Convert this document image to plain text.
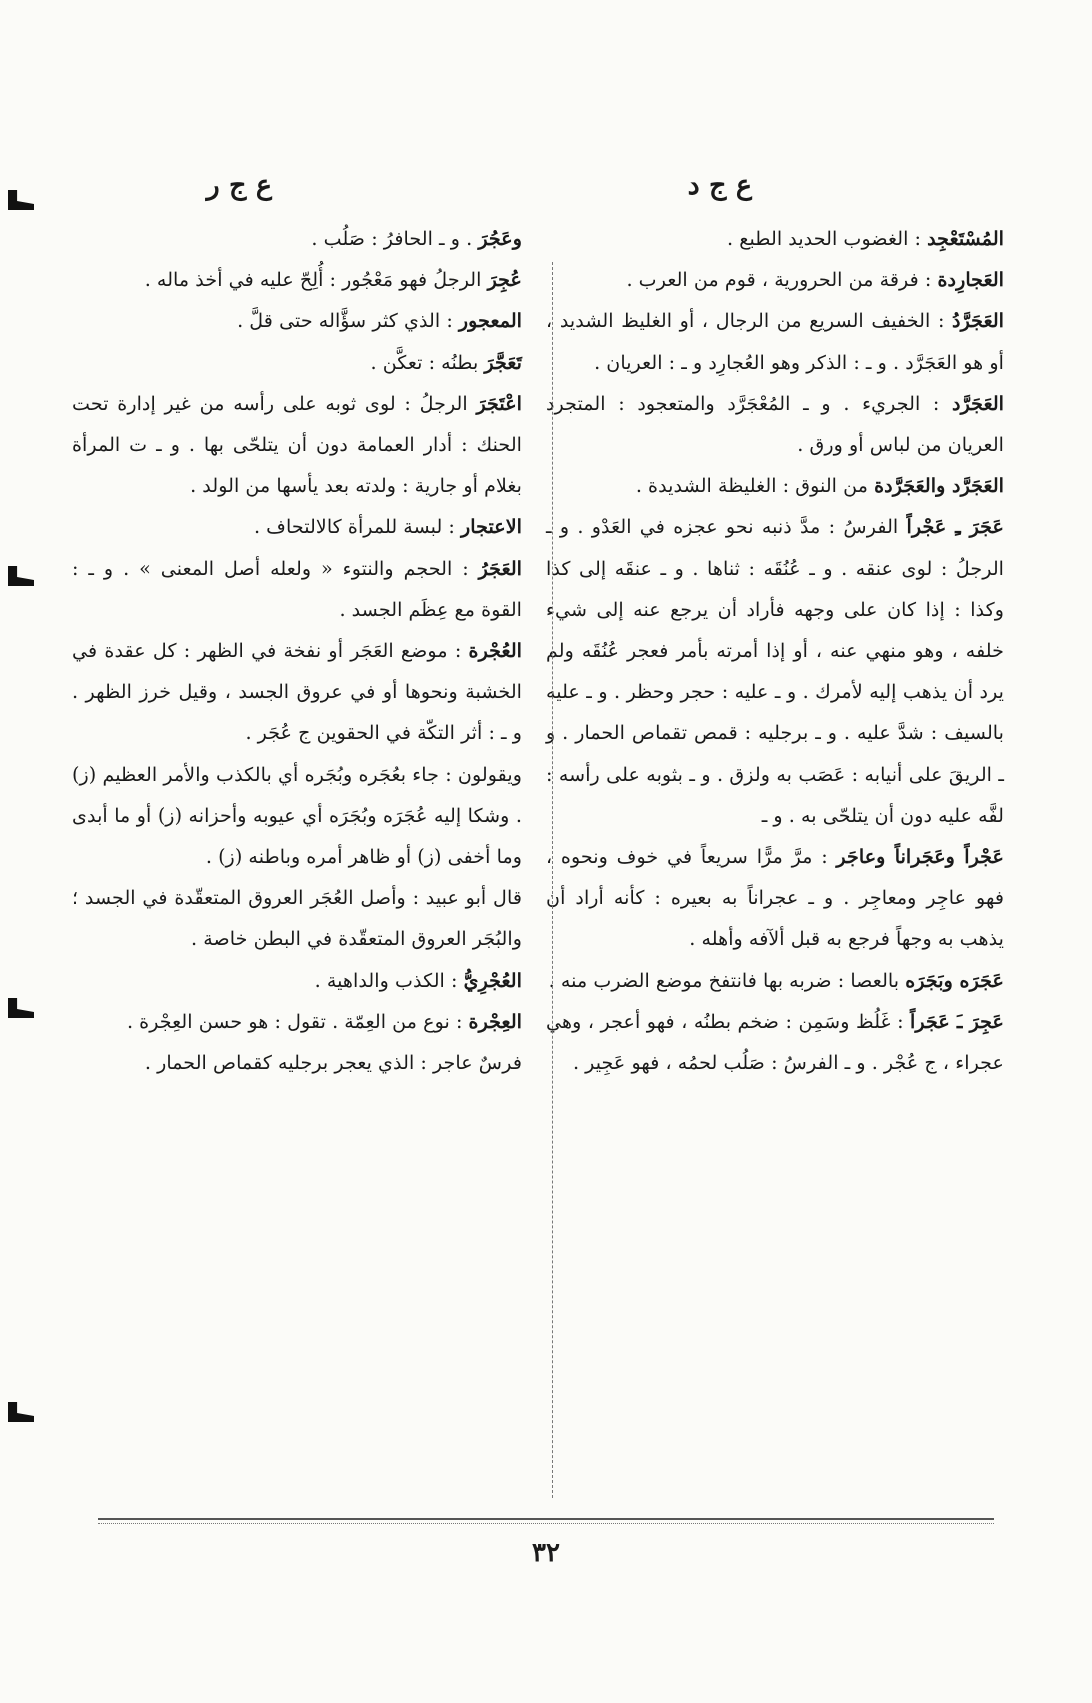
ع ج د
ع ج ر
المُسْتَعْجِد : الغضوب الحديد الطبع .
العَجارِدة : فرقة من الحرورية ، قوم من العرب .
العَجَرَّدُ : الخفيف السريع من الرجال ، أو الغليظ الشديد ، أو هو العَجَرَّد . و ـ : الذكر وهو العُجارِد و ـ : العريان .
العَجَرَّد : الجريء . و ـ المُعْجَرَّد والمتعجود : المتجرد العريان من لباس أو ورق .
العَجَرَّد والعَجَرَّدة من النوق : الغليظة الشديدة .
عَجَرَ ـِ عَجْراً الفرسُ : مدَّ ذنبه نحو عجزه في العَدْو . و ـ الرجلُ : لوى عنقه . و ـ عُنُقَه : ثناها . و ـ عنقَه إلى كذا وكذا : إذا كان على وجهه فأراد أن يرجع عنه إلى شيء خلفه ، وهو منهي عنه ، أو إذا أمرته بأمر فعجر عُنُقَه ولم يرد أن يذهب إليه لأمرك . و ـ عليه : حجر وحظر . و ـ عليه بالسيف : شدَّ عليه . و ـ برجليه : قمص تقماص الحمار . و ـ الريقَ على أنيابه : عَصَب به ولزق . و ـ بثوبه على رأسه : لفَّه عليه دون أن يتلحّى به . و ـ
عَجْراً وعَجَراناً وعاجَر : مرَّ مرًّا سريعاً في خوف ونحوه ، فهو عاجِر ومعاجِر . و ـ عجراناً به بعيره : كأنه أراد أن يذهب به وجهاً فرجع به قبل ألآفه وأهله .
عَجَرَه وبَجَرَه بالعصا : ضربه بها فانتفخ موضع الضرب منه .
عَجِرَ ـَ عَجَراً : غَلُظ وسَمِن : ضخم بطنُه ، فهو أعجر ، وهي عجراء ، ج عُجْر . و ـ الفرسُ : صَلُب لحمُه ، فهو عَجِير .
وعَجُرَ . و ـ الحافرُ : صَلُب .
عُجِرَ الرجلُ فهو مَعْجُور : أُلِحّ عليه في أخذ ماله .
المعجور : الذي كثر سؤَّاله حتى قلَّ .
تَعَجَّرَ بطنُه : تعكَّن .
اعْتَجَرَ الرجلُ : لوى ثوبه على رأسه من غير إدارة تحت الحنك : أدار العمامة دون أن يتلحّى بها . و ـ ت المرأة بغلام أو جارية : ولدته بعد يأسها من الولد .
الاعتجار : لبسة للمرأة كالالتحاف .
العَجَرُ : الحجم والنتوء « ولعله أصل المعنى » . و ـ : القوة مع عِظَم الجسد .
العُجْرة : موضع العَجَر أو نفخة في الظهر : كل عقدة في الخشبة ونحوها أو في عروق الجسد ، وقيل خرز الظهر . و ـ : أثر التكّة في الحقوين ج عُجَر .
ويقولون : جاء بعُجَره وبُجَره أي بالكذب والأمر العظيم (ز) . وشكا إليه عُجَرَه وبُجَرَه أي عيوبه وأحزانه (ز) أو ما أبدى وما أخفى (ز) أو ظاهر أمره وباطنه (ز) .
قال أبو عبيد : وأصل العُجَر العروق المتعقّدة في الجسد ؛ والبُجَر العروق المتعقّدة في البطن خاصة .
العُجْرِيُّ : الكذب والداهية .
العِجْرة : نوع من العِمّة . تقول : هو حسن العِجْرة .
فرسٌ عاجر : الذي يعجر برجليه كقماص الحمار .
٣٢
